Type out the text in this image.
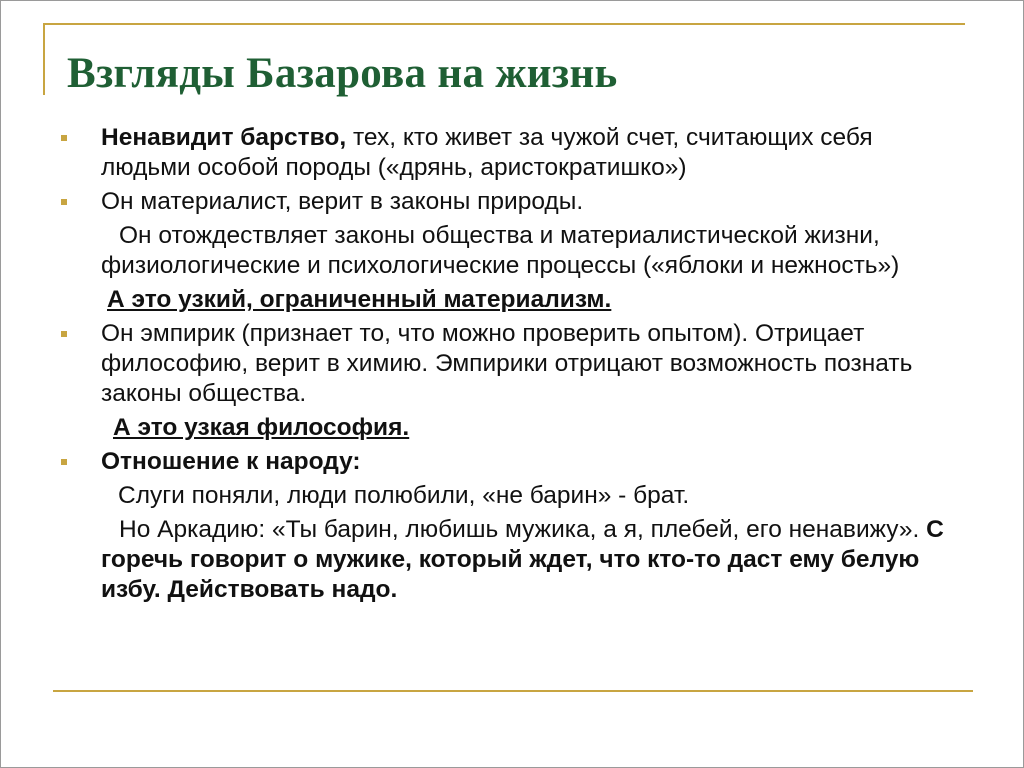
Взгляды Базарова на жизнь
Ненавидит барство, тех, кто живет за чужой счет, считающих себя людьми особой породы («дрянь, аристократишко»)
Он материалист, верит в законы природы.
Он отождествляет законы общества и материалистической жизни, физиологические и психологические процессы («яблоки и нежность»)
А это узкий, ограниченный материализм.
Он эмпирик (признает то, что можно проверить опытом). Отрицает философию, верит в химию. Эмпирики отрицают возможность познать законы общества.
А это узкая философия.
Отношение к народу:
Слуги поняли, люди полюбили, «не барин» - брат.
Но Аркадию: «Ты барин, любишь мужика, а я, плебей, его ненавижу». С горечь говорит о мужике, который ждет, что кто-то даст ему белую избу. Действовать надо.
